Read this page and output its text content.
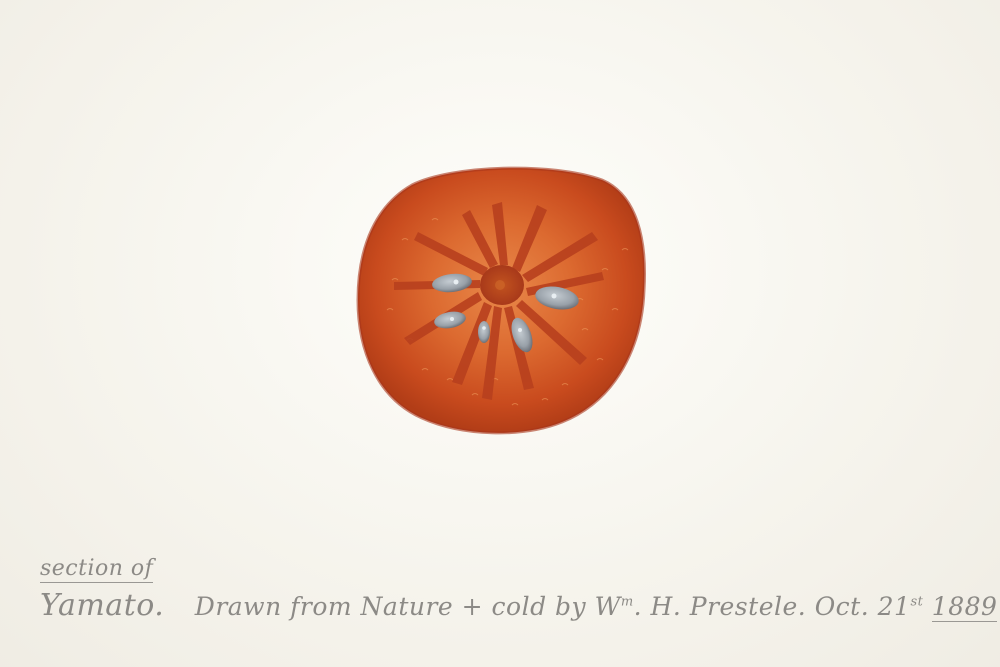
section of
Yamato. Drawn from Nature + cold by $W^m$. H. Prestele. Oct. 21st 1889
